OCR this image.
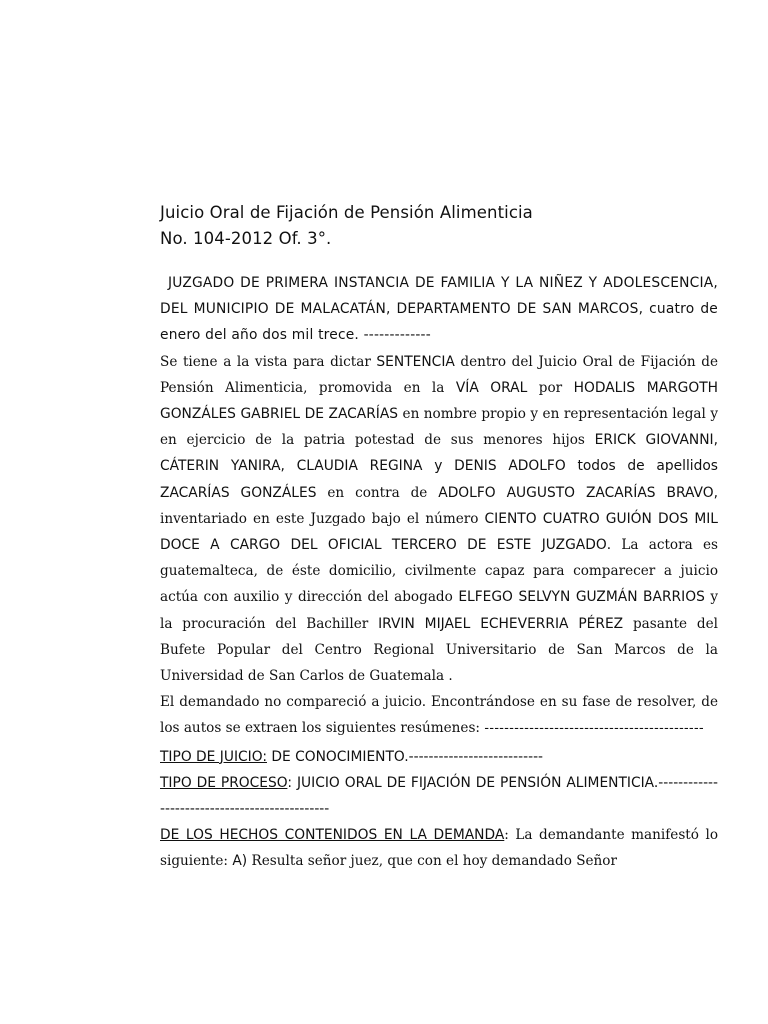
Juicio Oral de Fijación de Pensión Alimenticia
No. 104-2012 Of. 3°.

JUZGADO DE PRIMERA INSTANCIA DE FAMILIA Y LA NIÑEZ Y ADOLESCENCIA, DEL MUNICIPIO DE MALACATÁN, DEPARTAMENTO DE SAN MARCOS, cuatro de enero del año dos mil trece. -------------

Se tiene a la vista para dictar SENTENCIA dentro del Juicio Oral de Fijación de Pensión Alimenticia, promovida en la VÍA ORAL por HODALIS MARGOTH GONZÁLES GABRIEL DE ZACARÍAS en nombre propio y en representación legal y en ejercicio de la patria potestad de sus menores hijos ERICK GIOVANNI, CÁTERIN YANIRA, CLAUDIA REGINA y DENIS ADOLFO todos de apellidos ZACARÍAS GONZÁLES en contra de ADOLFO AUGUSTO ZACARÍAS BRAVO, inventariado en este Juzgado bajo el número CIENTO CUATRO GUIÓN DOS MIL DOCE A CARGO DEL OFICIAL TERCERO DE ESTE JUZGADO. La actora es guatemalteca, de éste domicilio, civilmente capaz para comparecer a juicio actúa con auxilio y dirección del abogado ELFEGO SELVYN GUZMÁN BARRIOS y la procuración del Bachiller IRVIN MIJAEL ECHEVERRIA PÉREZ pasante del Bufete Popular del Centro Regional Universitario de San Marcos de la Universidad de San Carlos de Guatemala .

El demandado no compareció a juicio. Encontrándose en su fase de resolver, de los autos se extraen los siguientes resúmenes: --------------------------------------------

TIPO DE JUICIO: DE CONOCIMIENTO.---------------------------

TIPO DE PROCESO: JUICIO ORAL DE FIJACIÓN DE PENSIÓN ALIMENTICIA.----------------------------------------------

DE LOS HECHOS CONTENIDOS EN LA DEMANDA: La demandante manifestó lo siguiente: A) Resulta señor juez, que con el hoy demandado Señor
